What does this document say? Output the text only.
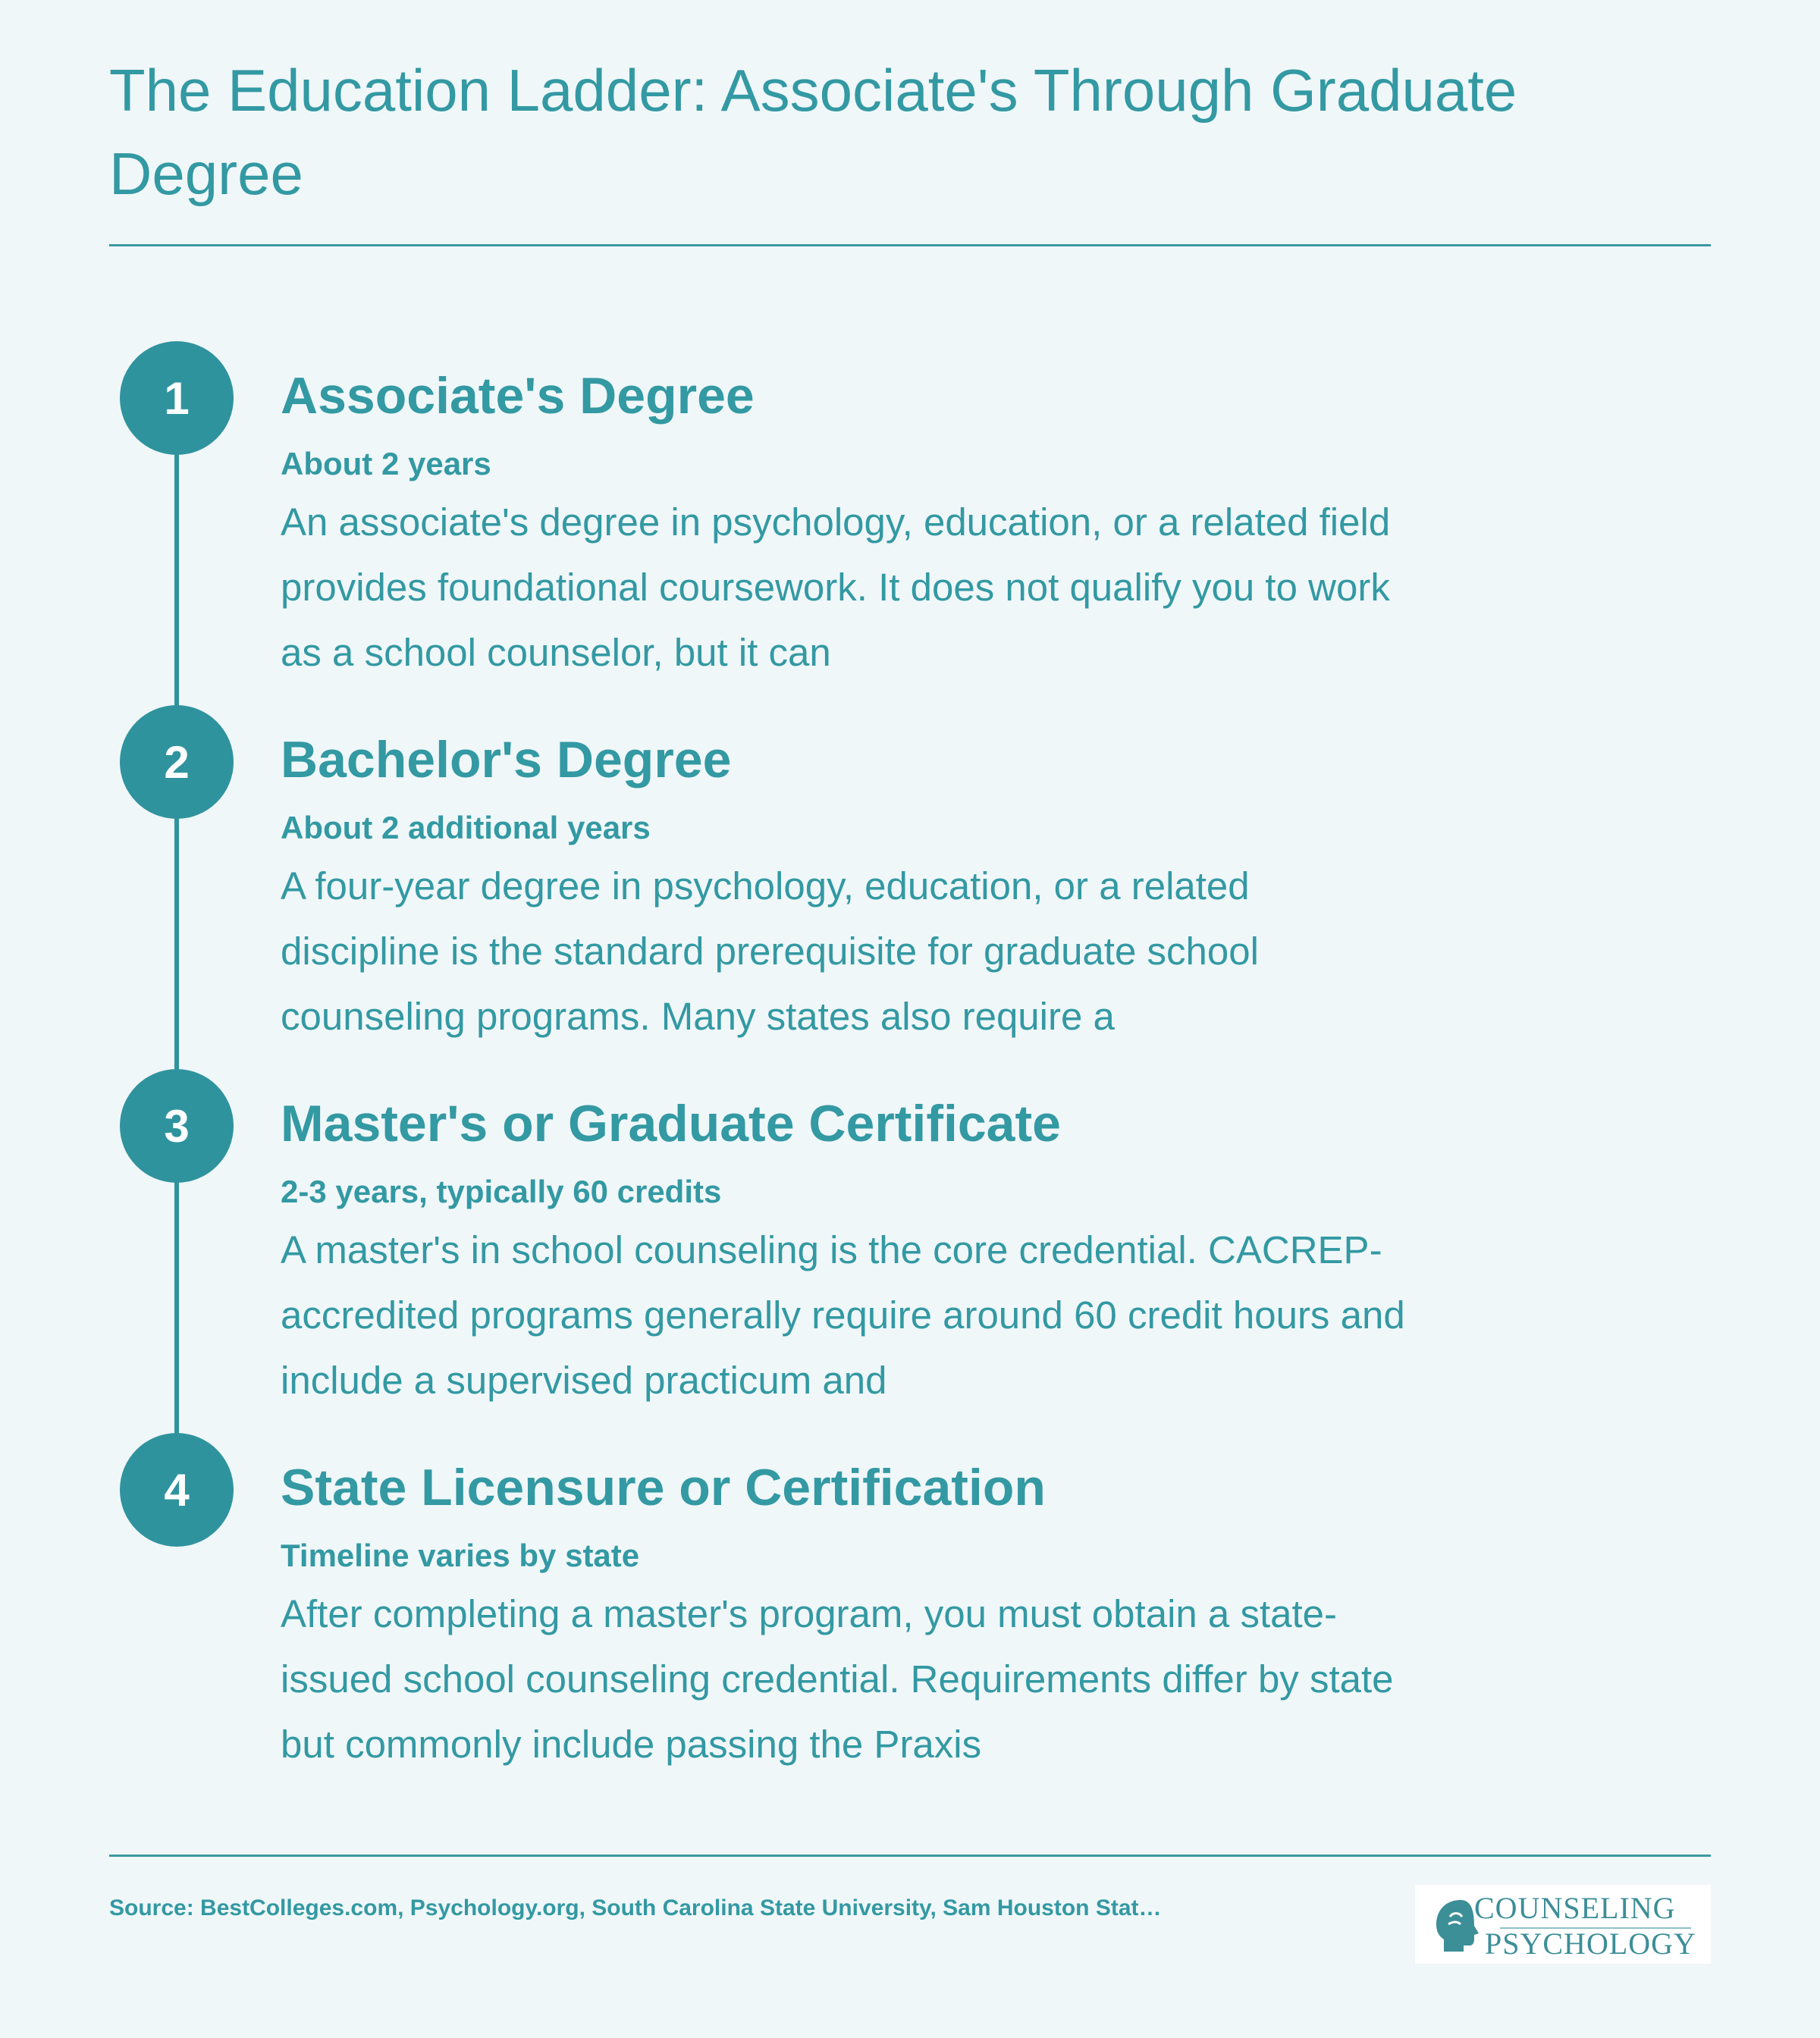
The Education Ladder: Associate's Through Graduate Degree
1	Associate's Degree
About 2 years
An associate's degree in psychology, education, or a related field provides foundational coursework. It does not qualify you to work as a school counselor, but it can
2	Bachelor's Degree
About 2 additional years
A four-year degree in psychology, education, or a related discipline is the standard prerequisite for graduate school counseling programs. Many states also require a
3	Master's or Graduate Certificate
2-3 years, typically 60 credits
A master's in school counseling is the core credential. CACREP-accredited programs generally require around 60 credit hours and include a supervised practicum and
4	State Licensure or Certification
Timeline varies by state
After completing a master's program, you must obtain a state-issued school counseling credential. Requirements differ by state but commonly include passing the Praxis
Source: BestColleges.com, Psychology.org, South Carolina State University, Sam Houston Stat…	COUNSELING
PSYCHOLOGY
